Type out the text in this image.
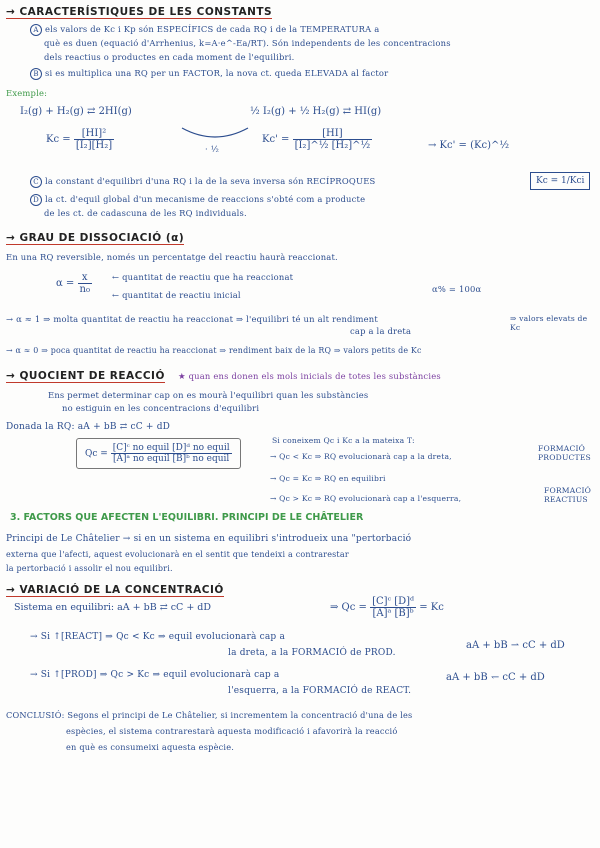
→ CARACTERÍSTIQUES DE LES CONSTANTS
A els valors de Kc i Kp són ESPECÍFICS de cada RQ i de la TEMPERATURA a
què es duen (equació d'Arrhenius, k=A·e^-Ea/RT). Són independents de les concentracions
dels reactius o productes en cada moment de l'equilibri.
B si es multiplica una RQ per un FACTOR, la nova ct. queda ELEVADA al factor
Exemple:
I₂(g) + H₂(g) ⇄ 2HI(g)	½ I₂(g) + ½ H₂(g) ⇄ HI(g)
$Kc = \frac{\text{[HI]²}}{\text{[I₂][H₂]}}$	· ½
$Kc' = \frac{[HI]}{\text{[I₂]\textasciicircum{}½ [H₂]\textasciicircum{}½}}$	→ Kc' = (Kc)^½
C la constant d'equilibri d'una RQ i la de la seva inversa són RECÍPROQUES	Kc = 1/Kci
D la ct. d'equil global d'un mecanisme de reaccions s'obté com a producte
de les ct. de cadascuna de les RQ individuals.
→ GRAU DE DISSOCIACIÓ (α)
En una RQ reversible, només un percentatge del reactiu haurà reaccionat.
$\alpha = \frac{x}{\text{n₀}}$ ← quantitat de reactiu que ha reaccionat
← quantitat de reactiu inicial
α% = 100α
→ α ≈ 1 ⇒ molta quantitat de reactiu ha reaccionat ⇒ l'equilibri té un alt rendiment
cap a la dreta
⇒ valors elevats de Kc
→ α ≈ 0 ⇒ poca quantitat de reactiu ha reaccionat ⇒ rendiment baix de la RQ ⇒ valors petits de Kc
→ QUOCIENT DE REACCIÓ ★ quan ens donen els mols inicials de totes les substàncies
Ens permet determinar cap on es mourà l'equilibri quan les substàncies
no estiguin en les concentracions d'equilibri
Donada la RQ: aA + bB ⇄ cC + dD
$Qc = \frac{\text{[C]ᶜ no equil [D]ᵈ no equil}}{\text{[A]ᵃ no equil [B]ᵇ no equil}}$
Si coneixem Qc i Kc a la mateixa T:
→ Qc < Kc ⇒ RQ evolucionarà cap a la dreta,
FORMACIÓ PRODUCTES
→ Qc = Kc ⇒ RQ en equilibri
→ Qc > Kc ⇒ RQ evolucionarà cap a l'esquerra,
FORMACIÓ REACTIUS
3. FACTORS QUE AFECTEN L'EQUILIBRI. PRINCIPI DE LE CHÂTELIER
Principi de Le Châtelier → si en un sistema en equilibri s'introdueix una "pertorbació
externa que l'afecti, aquest evolucionarà en el sentit que tendeixi a contrarestar
la pertorbació i assolir el nou equilibri.
→ VARIACIÓ DE LA CONCENTRACIÓ
Sistema en equilibri: aA + bB ⇄ cC + dD	⇒ $Qc = \frac{\text{[C]ᶜ [D]ᵈ}}{\text{[A]ᵃ [B]ᵇ}} = Kc$
→ Si ↑[REACT] ⇒ Qc < Kc ⇒ equil evolucionarà cap a
la dreta, a la FORMACIÓ de PROD.
aA + bB ⇀ cC + dD
→ Si ↑[PROD] ⇒ Qc > Kc ⇒ equil evolucionarà cap a
l'esquerra, a la FORMACIÓ de REACT.
aA + bB ↽ cC + dD
CONCLUSIÓ: Segons el principi de Le Châtelier, si incrementem la concentració d'una de les
espècies, el sistema contrarestarà aquesta modificació i afavorirà la reacció
en què es consumeixi aquesta espècie.
